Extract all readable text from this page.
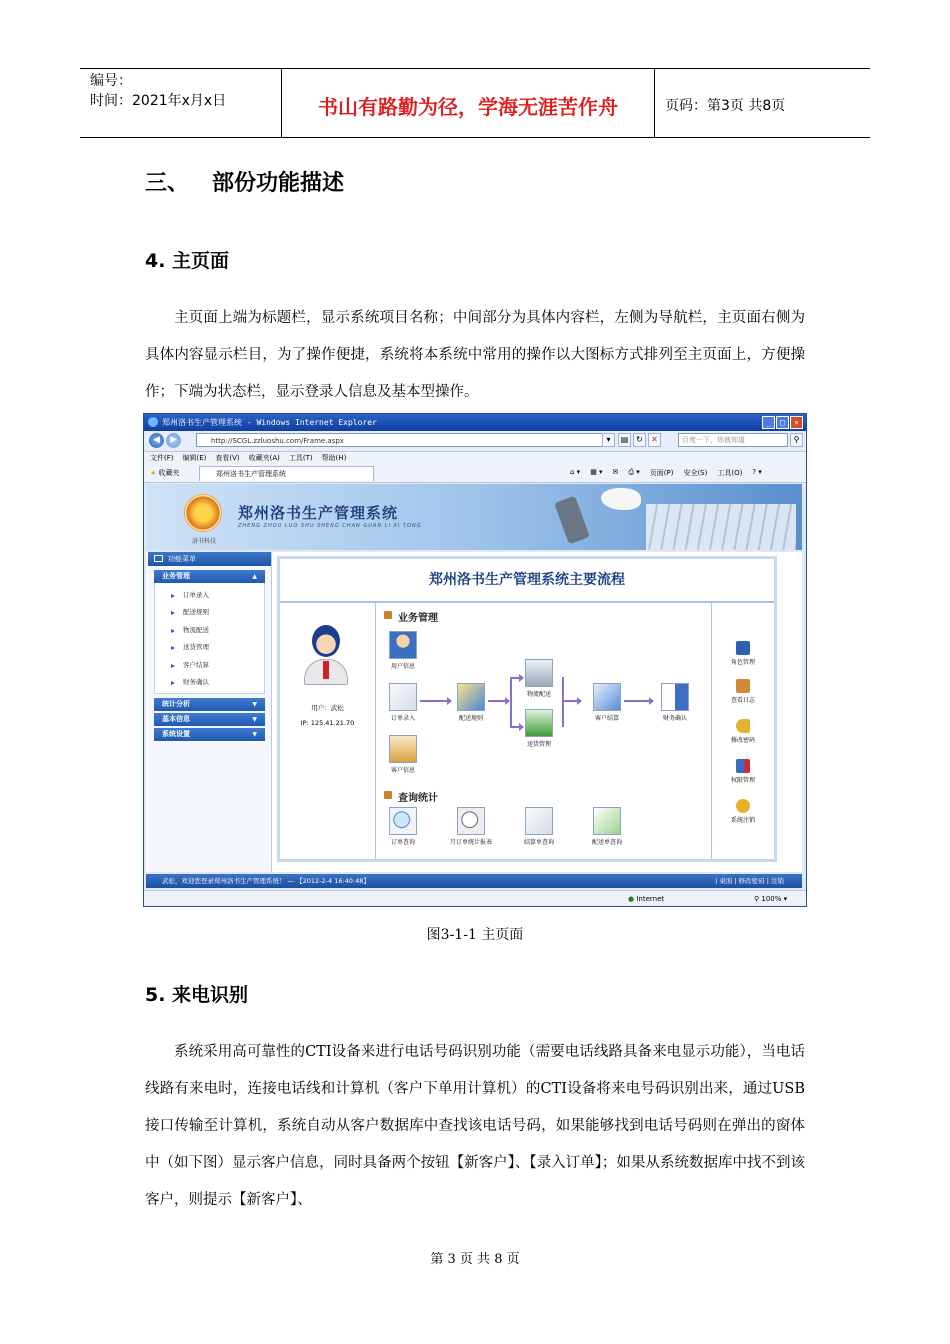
编号：
时间：2021年x月x日	书山有路勤为径，学海无涯苦作舟	页码：第3页 共8页
三、   部份功能描述
4. 主页面
主页面上端为标题栏，显示系统项目名称；中间部分为具体内容栏，左侧为导航栏，主页面右侧为具体内容显示栏目，为了操作便捷，系统将本系统中常用的操作以大图标方式排列至主页面上，方便操作；下端为状态栏，显示登录人信息及基本型操作。
郑州洛书生产管理系统 - Windows Internet Explorer	_	□	✕
◀	▶	http://SCGL.zzluoshu.com/Frame.aspx	▾	▤ ↻	✕	百度一下，你就知道	⚲
文件(F) 编辑(E) 查看(V) 收藏夹(A) 工具(T) 帮助(H)
★ 收藏夹	郑州洛书生产管理系统	⌂ ▾ ▦ ▾ ✉ ⎙ ▾ 页面(P) 安全(S) 工具(O) ? ▾
洛书科技
郑州洛书生产管理系统
ZHENG ZHOU LUO SHU SHENG CHAN GUAN LI XI TONG
功能菜单
业务管理	▲
订单录入
配送规则
物流配送
送货管理
客户结算
财务确认
统计分析	▼
基本信息	▼
系统设置	▼
郑州洛书生产管理系统主要流程
用户：武松
IP: 125.41.21.70
业务管理
用户信息
订单录入
客户信息
配送规则
物流配送
送货管理
客户结算	财务确认
查询统计
订单查询	月订单统计报表	结算单查询	配送单查询
角色管理
查看日志
修改密码
权限管理
系统注销
武松，欢迎您登录郑州洛书生产管理系统！ — 【2012-2-4 16:40:48】	| 桌面 | 修改密码 | 注销
● Internet	⚲ 100% ▾
图3-1-1 主页面
5. 来电识别
系统采用高可靠性的CTI设备来进行电话号码识别功能（需要电话线路具备来电显示功能），当电话线路有来电时，连接电话线和计算机（客户下单用计算机）的CTI设备将来电号码识别出来，通过USB接口传输至计算机，系统自动从客户数据库中查找该电话号码，如果能够找到电话号码则在弹出的窗体中（如下图）显示客户信息，同时具备两个按钮【新客户】、【录入订单】；如果从系统数据库中找不到该客户，则提示【新客户】、
第 3 页 共 8 页
